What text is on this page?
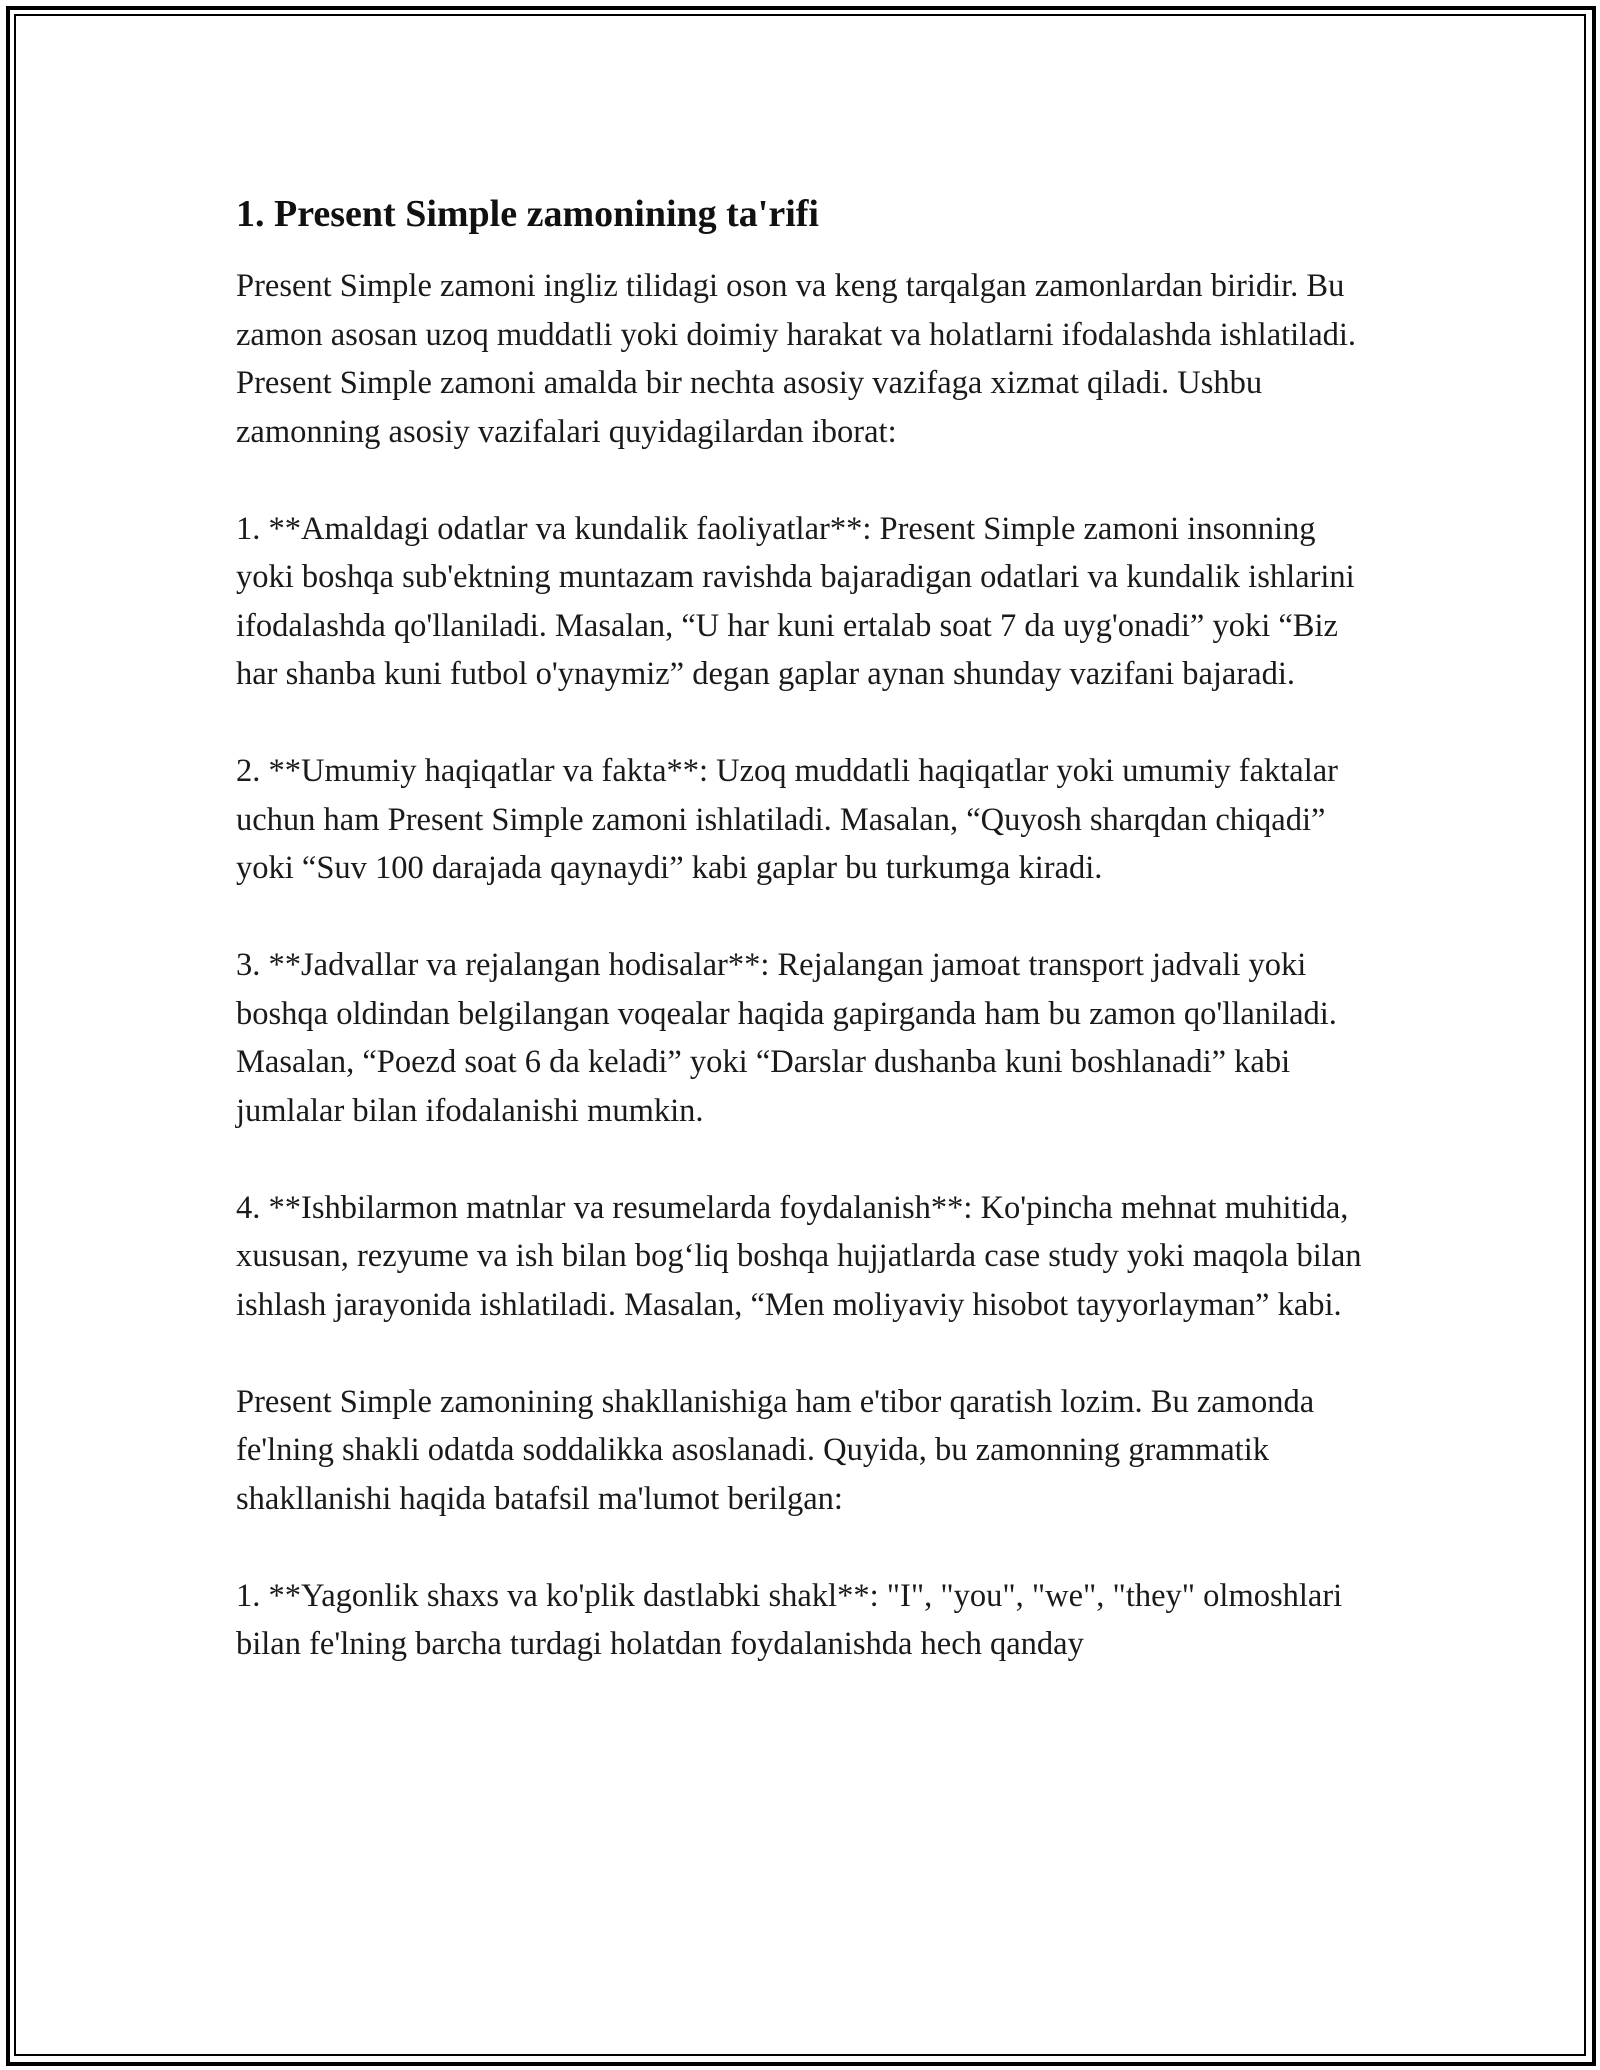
1. Present Simple zamonining ta'rifi

Present Simple zamoni ingliz tilidagi oson va keng tarqalgan zamonlardan biridir. Bu zamon asosan uzoq muddatli yoki doimiy harakat va holatlarni ifodalashda ishlatiladi. Present Simple zamoni amalda bir nechta asosiy vazifaga xizmat qiladi. Ushbu zamonning asosiy vazifalari quyidagilardan iborat:

1. **Amaldagi odatlar va kundalik faoliyatlar**: Present Simple zamoni insonning yoki boshqa sub'ektning muntazam ravishda bajaradigan odatlari va kundalik ishlarini ifodalashda qo'llaniladi. Masalan, “U har kuni ertalab soat 7 da uyg'onadi” yoki “Biz har shanba kuni futbol o'ynaymiz” degan gaplar aynan shunday vazifani bajaradi.

2. **Umumiy haqiqatlar va fakta**: Uzoq muddatli haqiqatlar yoki umumiy faktalar uchun ham Present Simple zamoni ishlatiladi. Masalan, “Quyosh sharqdan chiqadi” yoki “Suv 100 darajada qaynaydi” kabi gaplar bu turkumga kiradi.

3. **Jadvallar va rejalangan hodisalar**: Rejalangan jamoat transport jadvali yoki boshqa oldindan belgilangan voqealar haqida gapirganda ham bu zamon qo'llaniladi. Masalan, “Poezd soat 6 da keladi” yoki “Darslar dushanba kuni boshlanadi” kabi jumlalar bilan ifodalanishi mumkin.

4. **Ishbilarmon matnlar va resumelarda foydalanish**: Ko'pincha mehnat muhitida, xususan, rezyume va ish bilan bog‘liq boshqa hujjatlarda case study yoki maqola bilan ishlash jarayonida ishlatiladi. Masalan, “Men moliyaviy hisobot tayyorlayman” kabi.

Present Simple zamonining shakllanishiga ham e'tibor qaratish lozim. Bu zamonda fe'lning shakli odatda soddalikka asoslanadi. Quyida, bu zamonning grammatik shakllanishi haqida batafsil ma'lumot berilgan:

1. **Yagonlik shaxs va ko'plik dastlabki shakl**: "I", "you", "we", "they" olmoshlari bilan fe'lning barcha turdagi holatdan foydalanishda hech qanday
